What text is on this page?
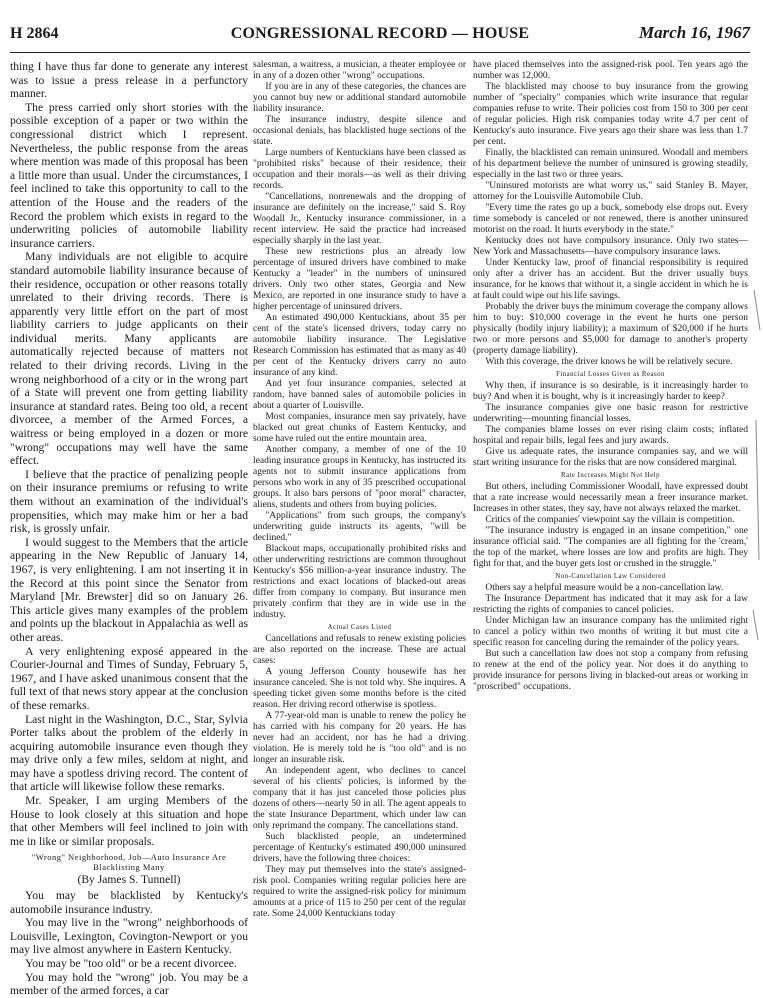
H 2864	CONGRESSIONAL RECORD — HOUSE	March 16, 1967

thing I have thus far done to generate any interest was to issue a press release in a perfunctory manner.

The press carried only short stories with the possible exception of a paper or two within the congressional district which I represent. Nevertheless, the public response from the areas where mention was made of this proposal has been a little more than usual. Under the circumstances, I feel inclined to take this opportunity to call to the attention of the House and the readers of the Record the problem which exists in regard to the underwriting policies of automobile liability insurance carriers.

Many individuals are not eligible to acquire standard automobile liability insurance because of their residence, occupation or other reasons totally unrelated to their driving records. There is apparently very little effort on the part of most liability carriers to judge applicants on their individual merits. Many applicants are automatically rejected because of matters not related to their driving records. Living in the wrong neighborhood of a city or in the wrong part of a State will prevent one from getting liability insurance at standard rates. Being too old, a recent divorcee, a member of the Armed Forces, a waitress or being employed in a dozen or more "wrong" occupations may well have the same effect.

I believe that the practice of penalizing people on their insurance premiums or refusing to write them without an examination of the individual's propensities, which may make him or her a bad risk, is grossly unfair.

I would suggest to the Members that the article appearing in the New Republic of January 14, 1967, is very enlightening. I am not inserting it in the Record at this point since the Senator from Maryland [Mr. Brewster] did so on January 26. This article gives many examples of the problem and points up the blackout in Appalachia as well as other areas.

A very enlightening exposé appeared in the Courier-Journal and Times of Sunday, February 5, 1967, and I have asked unanimous consent that the full text of that news story appear at the conclusion of these remarks.

Last night in the Washington, D.C., Star, Sylvia Porter talks about the problem of the elderly in acquiring automobile insurance even though they may drive only a few miles, seldom at night, and may have a spotless driving record. The content of that article will likewise follow these remarks.

Mr. Speaker, I am urging Members of the House to look closely at this situation and hope that other Members will feel inclined to join with me in like or similar proposals.

"Wrong" Neighborhood, Job—Auto Insurance Are Blacklisting Many

(By James S. Tunnell)

You may be blacklisted by Kentucky's automobile insurance industry.

You may live in the "wrong" neighborhoods of Louisville, Lexington, Covington-Newport or you may live almost anywhere in Eastern Kentucky.

You may be "too old" or be a recent divorcee.

You may hold the "wrong" job. You may be a member of the armed forces, a car

salesman, a waitress, a musician, a theater employee or in any of a dozen other "wrong" occupations.

If you are in any of these categories, the chances are you cannot buy new or additional standard automobile liability insurance.

The insurance industry, despite silence and occasional denials, has blacklisted huge sections of the state.

Large numbers of Kentuckians have been classed as "prohibited risks" because of their residence, their occupation and their morals—as well as their driving records.

"Cancellations, nonrenewals and the dropping of insurance are definitely on the increase," said S. Roy Woodall Jr., Kentucky insurance commissioner, in a recent interview. He said the practice had increased especially sharply in the last year.

These new restrictions plus an already low percentage of insured drivers have combined to make Kentucky a "leader" in the numbers of uninsured drivers. Only two other states, Georgia and New Mexico, are reported in one insurance study to have a higher percentage of uninsured drivers.

An estimated 490,000 Kentuckians, about 35 per cent of the state's licensed drivers, today carry no automobile liability insurance. The Legislative Research Commission has estimated that as many as 40 per cent of the Kentucky drivers carry no auto insurance of any kind.

And yet four insurance companies, selected at random, have banned sales of automobile policies in about a quarter of Louisville.

Most companies, insurance men say privately, have blacked out great chunks of Eastern Kentucky, and some have ruled out the entire mountain area.

Another company, a member of one of the 10 leading insurance groups in Kentucky, has instructed its agents not to submit insurance applications from persons who work in any of 35 prescribed occupational groups. It also bars persons of "poor moral" character, aliens, students and others from buying policies.

"Applications" from such groups, the company's underwriting guide instructs its agents, "will be declined."

Blackout maps, occupationally prohibited risks and other underwriting restrictions are common throughout Kentucky's $56 million-a-year insurance industry. The restrictions and exact locations of blacked-out areas differ from company to company. But insurance men privately confirm that they are in wide use in the industry.

Actual Cases Listed

Cancellations and refusals to renew existing policies are also reported on the increase. These are actual cases:

A young Jefferson County housewife has her insurance canceled. She is not told why. She inquires. A speeding ticket given some months before is the cited reason. Her driving record otherwise is spotless.

A 77-year-old man is unable to renew the policy he has carried with his company for 20 years. He has never had an accident, nor has he had a driving violation. He is merely told he is "too old" and is no longer an insurable risk.

An independent agent, who declines to cancel several of his clients' policies, is informed by the company that it has just canceled those policies plus dozens of others—nearly 50 in all. The agent appeals to the state Insurance Department, which under law can only reprimand the company. The cancellations stand.

Such blacklisted people, an undetermined percentage of Kentucky's estimated 490,000 uninsured drivers, have the following three choices:

They may put themselves into the state's assigned-risk pool. Companies writing regular policies here are required to write the assigned-risk policy for minimum amounts at a price of 115 to 250 per cent of the regular rate. Some 24,000 Kentuckians today

have placed themselves into the assigned-risk pool. Ten years ago the number was 12,000.

The blacklisted may choose to buy insurance from the growing number of "specialty" companies which write insurance that regular companies refuse to write. Their policies cost from 150 to 300 per cent of regular policies. High risk companies today write 4.7 per cent of Kentucky's auto insurance. Five years ago their share was less than 1.7 per cent.

Finally, the blacklisted can remain uninsured. Woodall and members of his department believe the number of uninsured is growing steadily, especially in the last two or three years.

"Uninsured motorists are what worry us," said Stanley B. Mayer, attorney for the Louisville Automobile Club.

"Every time the rates go up a buck, somebody else drops out. Every time somebody is canceled or not renewed, there is another uninsured motorist on the road. It hurts everybody in the state."

Kentucky does not have compulsory insurance. Only two states—New York and Massachusetts—have compulsory insurance laws.

Under Kentucky law, proof of financial responsibility is required only after a driver has an accident. But the driver usually buys insurance, for he knows that without it, a single accident in which he is at fault could wipe out his life savings.

Probably the driver buys the minimum coverage the company allows him to buy: $10,000 coverage in the event he hurts one person physically (bodily injury liability); a maximum of $20,000 if he hurts two or more persons and $5,000 for damage to another's property (property damage liability).

With this coverage, the driver knows he will be relatively secure.

Financial Losses Given as Reason

Why then, if insurance is so desirable, is it increasingly harder to buy? And when it is bought, why is it increasingly harder to keep?

The insurance companies give one basic reason for restrictive underwriting—mounting financial losses.

The companies blame losses on ever rising claim costs; inflated hospital and repair bills, legal fees and jury awards.

Give us adequate rates, the insurance companies say, and we will start writing insurance for the risks that are now considered marginal.

Rate Increases Might Not Help

But others, including Commissioner Woodall, have expressed doubt that a rate increase would necessarily mean a freer insurance market. Increases in other states, they say, have not always relaxed the market.

Critics of the companies' viewpoint say the villain is competition.

"The insurance industry is engaged in an insane competition," one insurance official said. "The companies are all fighting for the 'cream,' the top of the market, where losses are low and profits are high. They fight for that, and the buyer gets lost or crushed in the struggle."

Non-Cancellation Law Considered

Others say a helpful measure would be a non-cancellation law.

The Insurance Department has indicated that it may ask for a law restricting the rights of companies to cancel policies.

Under Michigan law an insurance company has the unlimited right to cancel a policy within two months of writing it but must cite a specific reason for canceling during the remainder of the policy years.

But such a cancellation law does not stop a company from refusing to renew at the end of the policy year. Nor does it do anything to provide insurance for persons living in blacked-out areas or working in "proscribed" occupations.
